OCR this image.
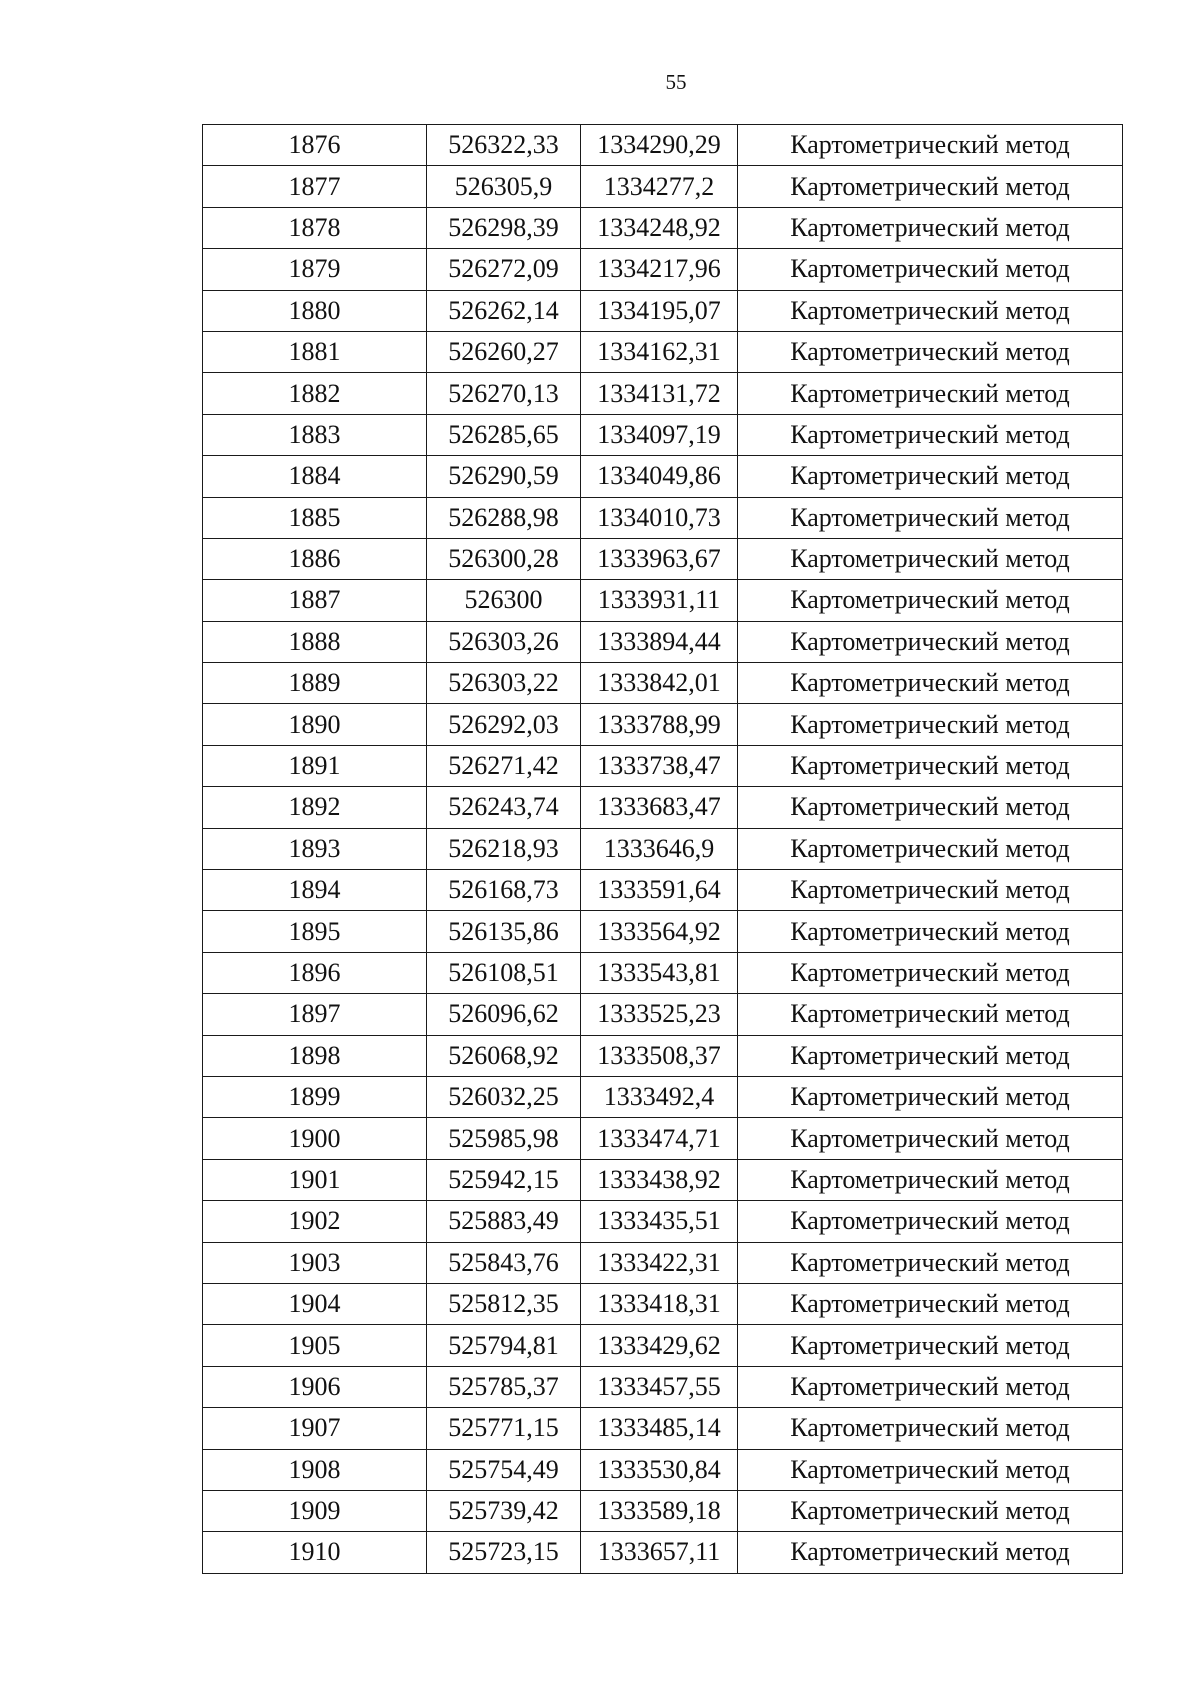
55
1876	526322,33	1334290,29	Картометрический метод
1877	526305,9	1334277,2	Картометрический метод
1878	526298,39	1334248,92	Картометрический метод
1879	526272,09	1334217,96	Картометрический метод
1880	526262,14	1334195,07	Картометрический метод
1881	526260,27	1334162,31	Картометрический метод
1882	526270,13	1334131,72	Картометрический метод
1883	526285,65	1334097,19	Картометрический метод
1884	526290,59	1334049,86	Картометрический метод
1885	526288,98	1334010,73	Картометрический метод
1886	526300,28	1333963,67	Картометрический метод
1887	526300	1333931,11	Картометрический метод
1888	526303,26	1333894,44	Картометрический метод
1889	526303,22	1333842,01	Картометрический метод
1890	526292,03	1333788,99	Картометрический метод
1891	526271,42	1333738,47	Картометрический метод
1892	526243,74	1333683,47	Картометрический метод
1893	526218,93	1333646,9	Картометрический метод
1894	526168,73	1333591,64	Картометрический метод
1895	526135,86	1333564,92	Картометрический метод
1896	526108,51	1333543,81	Картометрический метод
1897	526096,62	1333525,23	Картометрический метод
1898	526068,92	1333508,37	Картометрический метод
1899	526032,25	1333492,4	Картометрический метод
1900	525985,98	1333474,71	Картометрический метод
1901	525942,15	1333438,92	Картометрический метод
1902	525883,49	1333435,51	Картометрический метод
1903	525843,76	1333422,31	Картометрический метод
1904	525812,35	1333418,31	Картометрический метод
1905	525794,81	1333429,62	Картометрический метод
1906	525785,37	1333457,55	Картометрический метод
1907	525771,15	1333485,14	Картометрический метод
1908	525754,49	1333530,84	Картометрический метод
1909	525739,42	1333589,18	Картометрический метод
1910	525723,15	1333657,11	Картометрический метод
